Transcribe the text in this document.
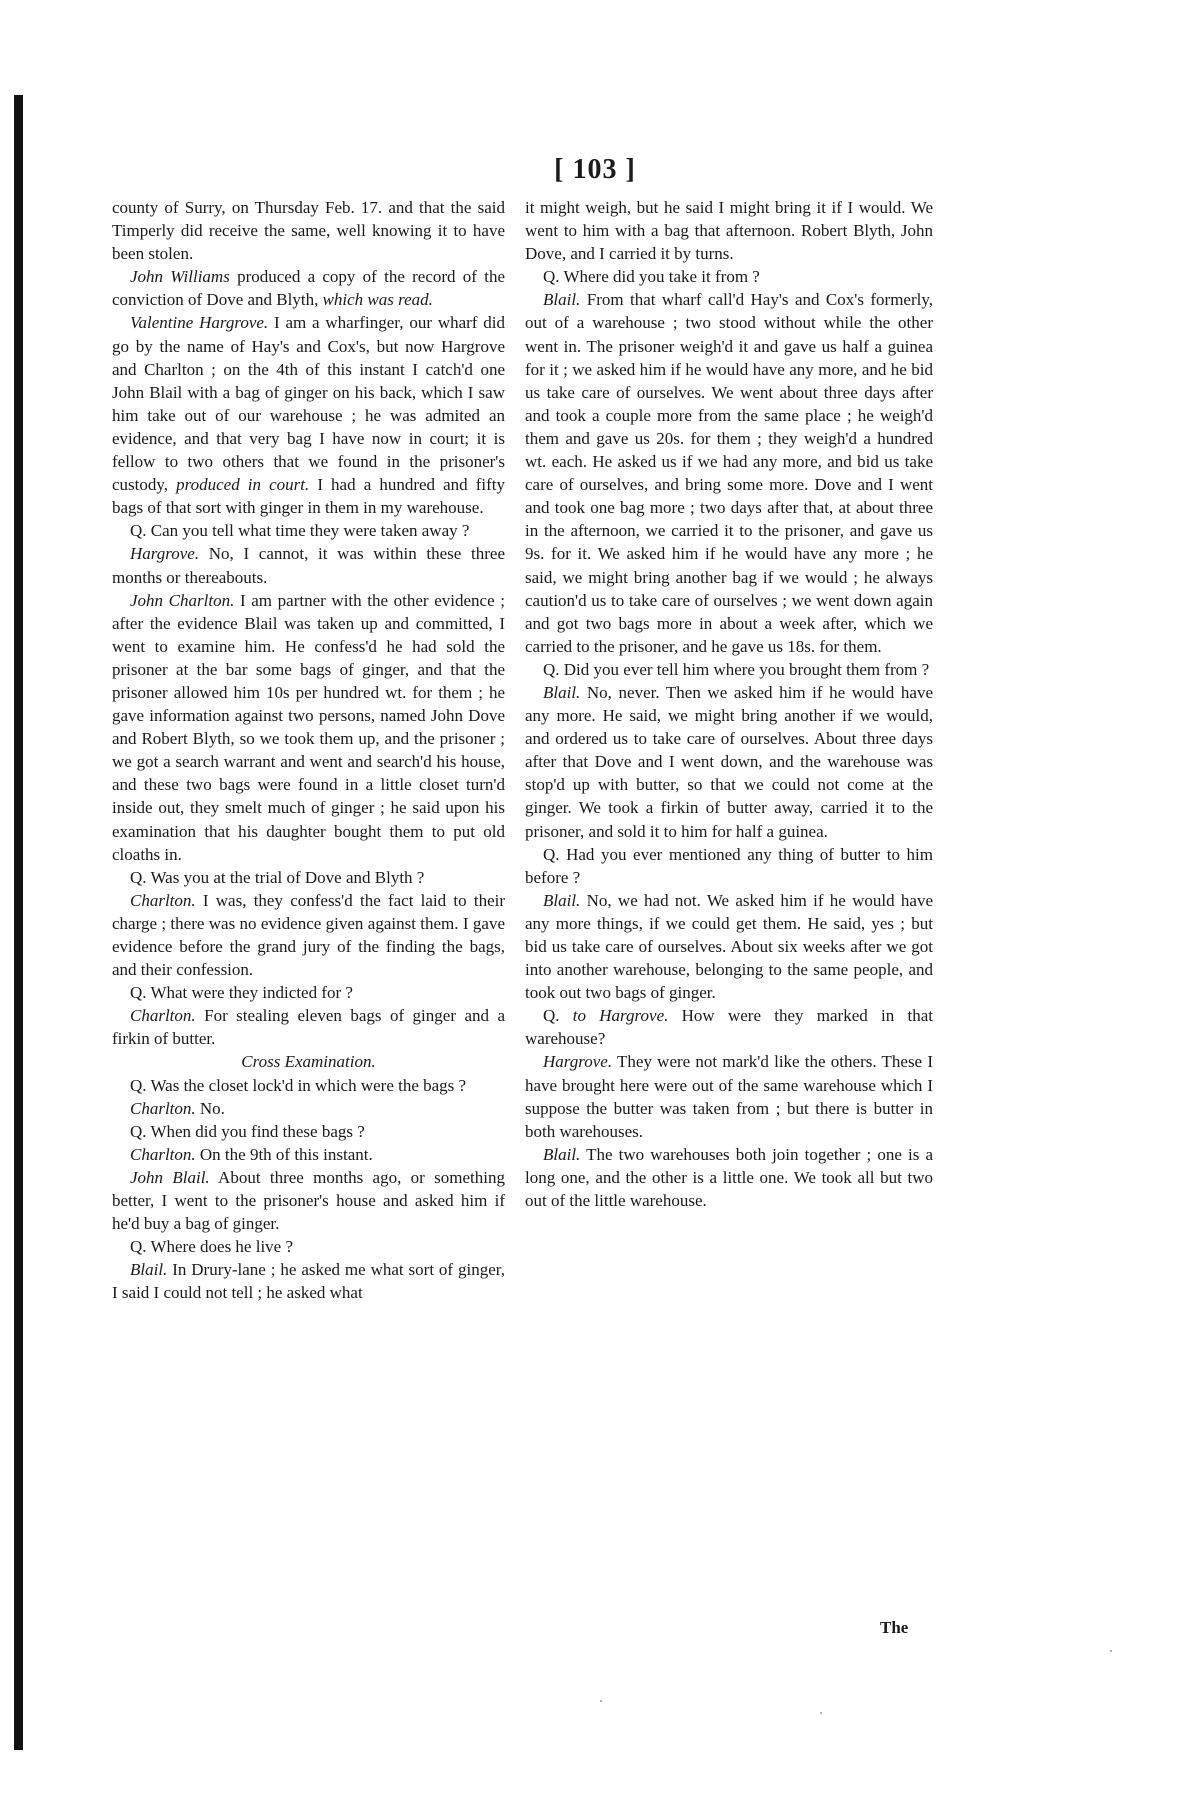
[ 103 ]

county of Surry, on Thursday Feb. 17. and that the said Timperly did receive the same, well knowing it to have been stolen.

John Williams produced a copy of the record of the conviction of Dove and Blyth, which was read.

Valentine Hargrove. I am a wharfinger, our wharf did go by the name of Hay's and Cox's, but now Hargrove and Charlton ; on the 4th of this instant I catch'd one John Blail with a bag of ginger on his back, which I saw him take out of our warehouse ; he was admited an evidence, and that very bag I have now in court; it is fellow to two others that we found in the prisoner's custody, produced in court. I had a hundred and fifty bags of that sort with ginger in them in my warehouse.

Q. Can you tell what time they were taken away ?

Hargrove. No, I cannot, it was within these three months or thereabouts.

John Charlton. I am partner with the other evidence ; after the evidence Blail was taken up and committed, I went to examine him. He confess'd he had sold the prisoner at the bar some bags of ginger, and that the prisoner allowed him 10s per hundred wt. for them ; he gave information against two persons, named John Dove and Robert Blyth, so we took them up, and the prisoner ; we got a search warrant and went and search'd his house, and these two bags were found in a little closet turn'd inside out, they smelt much of ginger ; he said upon his examination that his daughter bought them to put old cloaths in.

Q. Was you at the trial of Dove and Blyth ?

Charlton. I was, they confess'd the fact laid to their charge ; there was no evidence given against them. I gave evidence before the grand jury of the finding the bags, and their confession.

Q. What were they indicted for ?

Charlton. For stealing eleven bags of ginger and a firkin of butter.

Cross Examination.

Q. Was the closet lock'd in which were the bags ?

Charlton. No.

Q. When did you find these bags ?

Charlton. On the 9th of this instant.

John Blail. About three months ago, or something better, I went to the prisoner's house and asked him if he'd buy a bag of ginger.

Q. Where does he live ?

Blail. In Drury-lane ; he asked me what sort of ginger, I said I could not tell ; he asked what

it might weigh, but he said I might bring it if I would. We went to him with a bag that afternoon. Robert Blyth, John Dove, and I carried it by turns.

Q. Where did you take it from ?

Blail. From that wharf call'd Hay's and Cox's formerly, out of a warehouse ; two stood without while the other went in. The prisoner weigh'd it and gave us half a guinea for it ; we asked him if he would have any more, and he bid us take care of ourselves. We went about three days after and took a couple more from the same place ; he weigh'd them and gave us 20s. for them ; they weigh'd a hundred wt. each. He asked us if we had any more, and bid us take care of ourselves, and bring some more. Dove and I went and took one bag more ; two days after that, at about three in the afternoon, we carried it to the prisoner, and gave us 9s. for it. We asked him if he would have any more ; he said, we might bring another bag if we would ; he always caution'd us to take care of ourselves ; we went down again and got two bags more in about a week after, which we carried to the prisoner, and he gave us 18s. for them.

Q. Did you ever tell him where you brought them from ?

Blail. No, never. Then we asked him if he would have any more. He said, we might bring another if we would, and ordered us to take care of ourselves. About three days after that Dove and I went down, and the warehouse was stop'd up with butter, so that we could not come at the ginger. We took a firkin of butter away, carried it to the prisoner, and sold it to him for half a guinea.

Q. Had you ever mentioned any thing of butter to him before ?

Blail. No, we had not. We asked him if he would have any more things, if we could get them. He said, yes ; but bid us take care of ourselves. About six weeks after we got into another warehouse, belonging to the same people, and took out two bags of ginger.

Q. to Hargrove. How were they marked in that warehouse?

Hargrove. They were not mark'd like the others. These I have brought here were out of the same warehouse which I suppose the butter was taken from ; but there is butter in both warehouses.

Blail. The two warehouses both join together ; one is a long one, and the other is a little one. We took all but two out of the little warehouse.

The
